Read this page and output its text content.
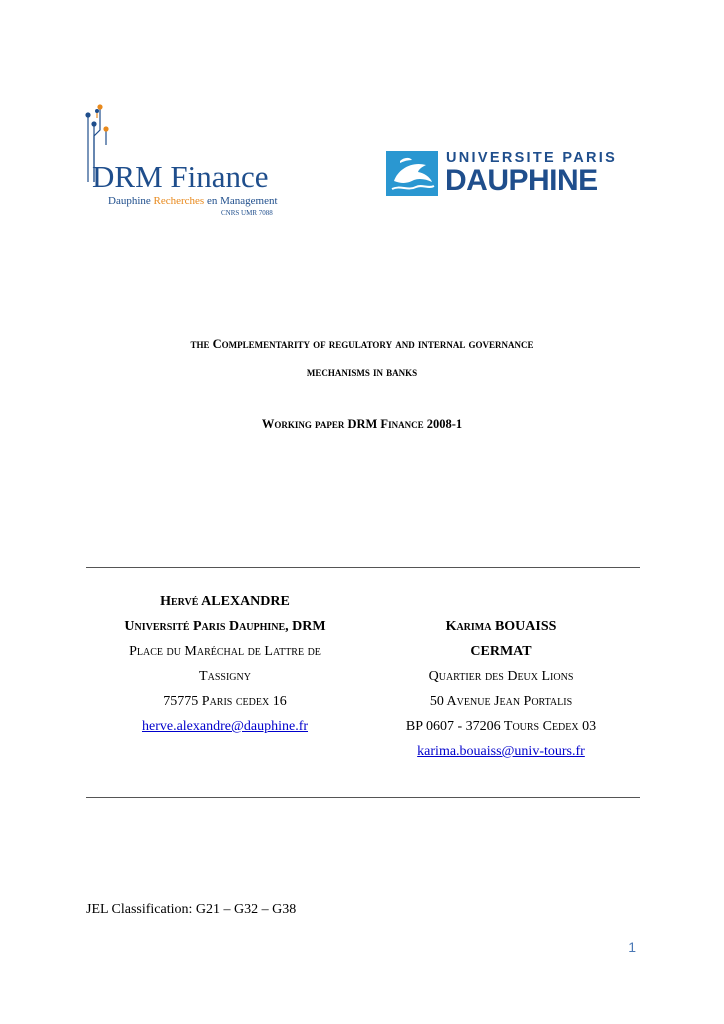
DRM Finance
Dauphine Recherches en Management
CNRS UMR 7088
UNIVERSITE PARIS
DAUPHINE
the Complementarity of regulatory and internal governance
mechanisms in banks
Working paper DRM Finance 2008-1
Hervé ALEXANDRE
Université Paris Dauphine, DRM
Place du Maréchal de Lattre de
Tassigny
75775 Paris cedex 16
herve.alexandre@dauphine.fr
Karima BOUAISS
CERMAT
Quartier des Deux Lions
50 Avenue Jean Portalis
BP 0607 - 37206 Tours Cedex 03
karima.bouaiss@univ-tours.fr
JEL Classification: G21 – G32 – G38
1
